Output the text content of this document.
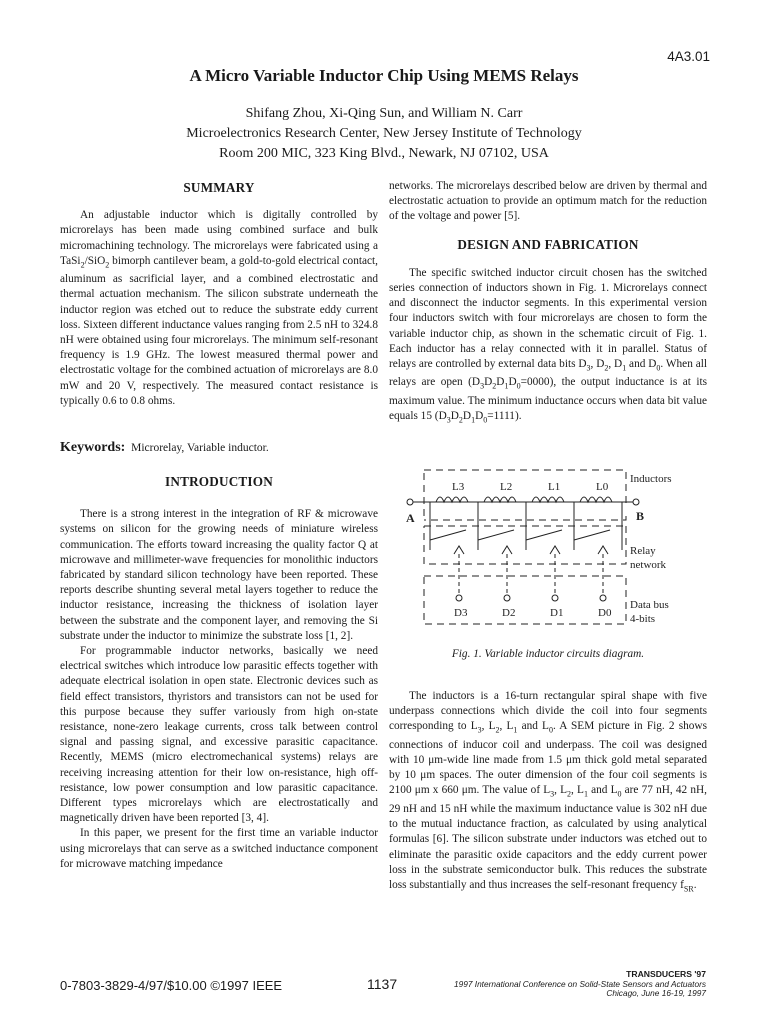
4A3.01
A Micro Variable Inductor Chip Using MEMS Relays
Shifang Zhou, Xi-Qing Sun, and William N. Carr
Microelectronics Research Center, New Jersey Institute of Technology
Room 200 MIC, 323 King Blvd., Newark, NJ 07102, USA
SUMMARY

An adjustable inductor which is digitally controlled by microrelays has been made using combined surface and bulk micromachining technology. The microrelays were fabricated using a TaSi$_2$/SiO$_2$ bimorph cantilever beam, a gold-to-gold electrical contact, aluminum as sacrificial layer, and a combined electrostatic and thermal actuation mechanism. The silicon substrate underneath the inductor region was etched out to reduce the substrate eddy current loss. Sixteen different inductance values ranging from 2.5 nH to 324.8 nH were obtained using four microrelays. The minimum self-resonant frequency is 1.9 GHz. The lowest measured thermal power and electrostatic voltage for the combined actuation of microrelays are 8.0 mW and 20 V, respectively. The measured contact resistance is typically 0.6 to 0.8 ohms.

Keywords: Microrelay, Variable inductor.
INTRODUCTION

There is a strong interest in the integration of RF & microwave systems on silicon for the growing needs of miniature wireless communication. The efforts toward increasing the quality factor Q at microwave and millimeter-wave frequencies for monolithic inductors fabricated by standard silicon technology have been reported. These reports describe shunting several metal layers together to reduce the inductor resistance, increasing the thickness of isolation layer between the substrate and the component layer, and removing the Si substrate under the inductor to minimize the substrate loss [1, 2].

For programmable inductor networks, basically we need electrical switches which introduce low parasitic effects together with adequate electrical isolation in open state. Electronic devices such as field effect transistors, thyristors and transistors can not be used for this purpose because they suffer variously from high on-state resistance, none-zero leakage currents, cross talk between control signal and passing signal, and excessive parasitic capacitance. Recently, MEMS (micro electromechanical systems) relays are receiving increasing attention for their low on-resistance, high off-resistance, low power consumption and low parasitic capacitance. Different types microrelays which are electrostatically and magnetically driven have been reported [3, 4].

In this paper, we present for the first time an variable inductor using microrelays that can serve as a switched inductance component for microwave matching impedance

networks. The microrelays described below are driven by thermal and electrostatic actuation to provide an optimum match for the reduction of the voltage and power [5].

DESIGN AND FABRICATION

The specific switched inductor circuit chosen has the switched series connection of inductors shown in Fig. 1. Microrelays connect and disconnect the inductor segments. In this experimental version four inductors switch with four microrelays are chosen to form the variable inductor chip, as shown in the schematic circuit of Fig. 1. Each inductor has a relay connected with it in parallel. Status of relays are controlled by external data bits $D_3$, $D_2$, $D_1$ and $D_0$. When all relays are open $(D_3D_2D_1D_0=0000)$, the output inductance is at its maximum value. The minimum inductance occurs when data bit value equals 15 $(D_3D_2D_1D_0=1111)$.

L3	L2	L1	L0
D3	D2	D1	D0
A	B
Inductors
Relay
network
Data bus
4-bits
Fig. 1. Variable inductor circuits diagram.

The inductors is a 16-turn rectangular spiral shape with five underpass connections which divide the coil into four segments corresponding to $L_3$, $L_2$, $L_1$ and $L_0$. A SEM picture in Fig. 2 shows connections of inducor coil and underpass. The coil was designed with 10 μm-wide line made from 1.5 μm thick gold metal separated by 10 μm spaces. The outer dimension of the four coil segments is 2100 μm x 660 μm. The value of $L_3$, $L_2$, $L_1$ and $L_0$ are 77 nH, 42 nH, 29 nH and 15 nH while the maximum inductance value is 302 nH due to the mutual inductance fraction, as calculated by using analytical formulas [6]. The silicon substrate under inductors was etched out to eliminate the parasitic oxide capacitors and the eddy current power loss in the substrate semiconductor bulk. This reduces the substrate loss substantially and thus increases the self-resonant frequency $f_{SR}$.

0-7803-3829-4/97/$10.00 ©1997 IEEE	1137
TRANSDUCERS '97
1997 International Conference on Solid-State Sensors and Actuators
Chicago, June 16-19, 1997
